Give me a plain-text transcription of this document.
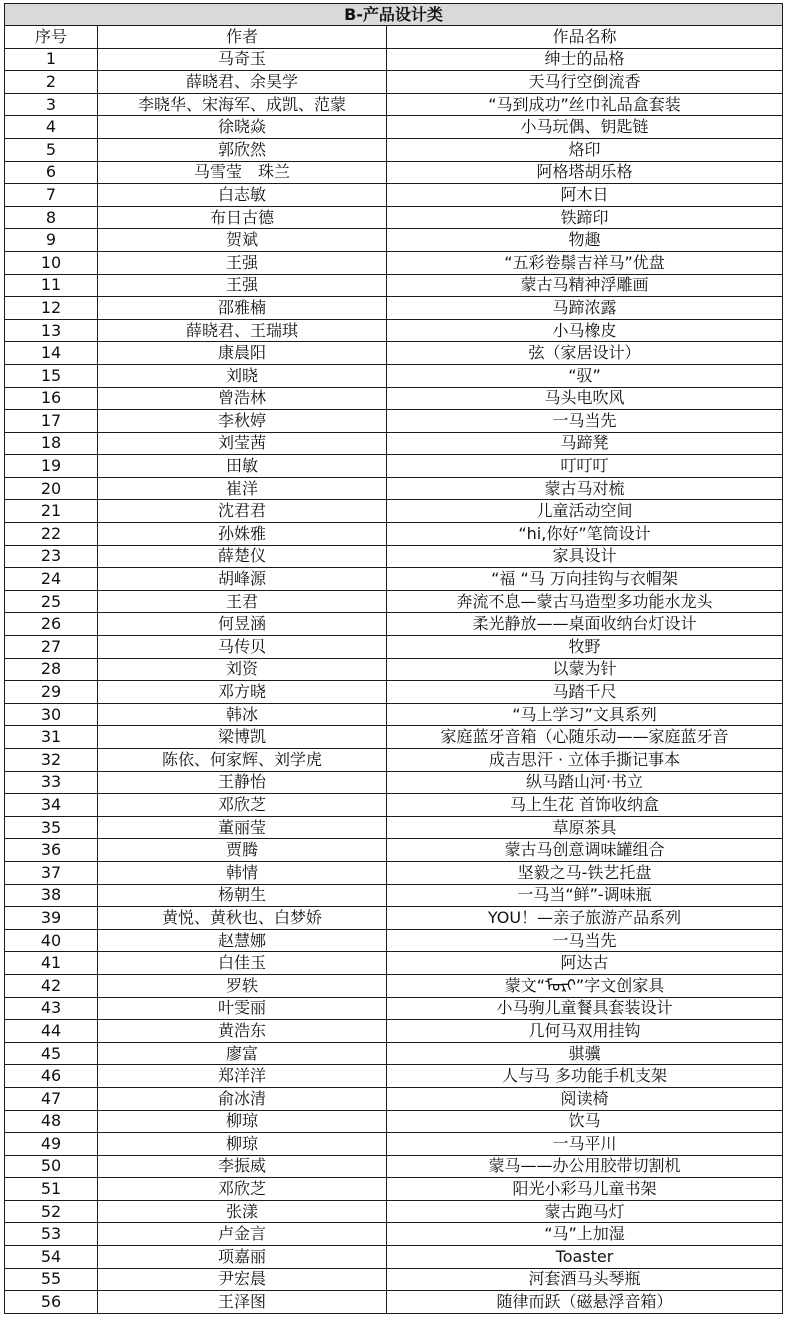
B-产品设计类		
序号	作者	作品名称
1	马奇玉	绅士的品格
2	薛晓君、余昊学	天马行空倒流香
3	李晓华、宋海军、成凯、范蒙	“马到成功”丝巾礼品盒套装
4	徐晓焱	小马玩偶、钥匙链
5	郭欣然	烙印
6	马雪莹　珠兰	阿格塔胡乐格
7	白志敏	阿木日
8	布日古德	铁蹄印
9	贺斌	物趣
10	王强	“五彩卷鬃吉祥马”优盘
11	王强	蒙古马精神浮雕画
12	邵雅楠	马蹄浓露
13	薛晓君、王瑞琪	小马橡皮
14	康晨阳	弦（家居设计）
15	刘晓	“驭”
16	曾浩林	马头电吹风
17	李秋婷	一马当先
18	刘莹茜	马蹄凳
19	田敏	叮叮叮
20	崔洋	蒙古马对梳
21	沈君君	儿童活动空间
22	孙姝雅	“hi,你好”笔筒设计
23	薛楚仪	家具设计
24	胡峰源	“福 “马 万向挂钩与衣帽架
25	王君	奔流不息—蒙古马造型多功能水龙头
26	何昱涵	柔光静放——桌面收纳台灯设计
27	马传贝	牧野
28	刘资	以蒙为针
29	邓方晓	马踏千尺
30	韩冰	“马上学习”文具系列
31	梁博凯	家庭蓝牙音箱（心随乐动——家庭蓝牙音
32	陈依、何家辉、刘学虎	成吉思汗 · 立体手撕记事本
33	王静怡	纵马踏山河·书立
34	邓欣芝	马上生花 首饰收纳盒
35	董丽莹	草原茶具
36	贾腾	蒙古马创意调味罐组合
37	韩情	坚毅之马-铁艺托盘
38	杨朝生	一马当“鲜”-调味瓶
39	黄悦、黄秋也、白梦娇	YOU！—亲子旅游产品系列
40	赵慧娜	一马当先
41	白佳玉	阿达古
42	罗轶	蒙文“ᠮᠣᠷᠢ”字文创家具
43	叶雯丽	小马驹儿童餐具套装设计
44	黄浩东	几何马双用挂钩
45	廖富	骐骥
46	郑洋洋	人与马 多功能手机支架
47	俞冰清	阅读椅
48	柳琼	饮马
49	柳琼	一马平川
50	李振威	蒙马——办公用胶带切割机
51	邓欣芝	阳光小彩马儿童书架
52	张漾	蒙古跑马灯
53	卢金言	“马”上加湿
54	项嘉丽	Toaster
55	尹宏晨	河套酒马头琴瓶
56	王泽图	随律而跃（磁悬浮音箱）
